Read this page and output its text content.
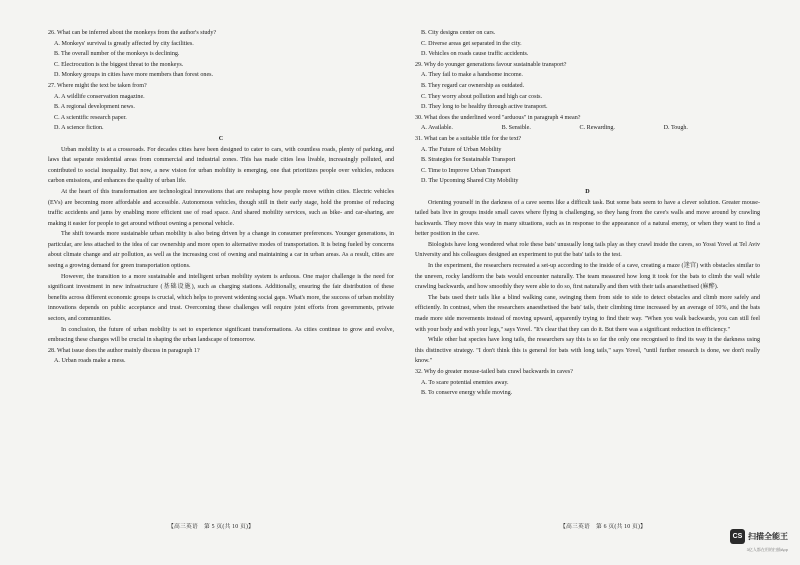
26. What can be inferred about the monkeys from the author's study?

A. Monkeys' survival is greatly affected by city facilities.

B. The overall number of the monkeys is declining.

C. Electrocution is the biggest threat to the monkeys.

D. Monkey groups in cities have more members than forest ones.

27. Where might the text be taken from?

A. A wildlife conservation magazine.

B. A regional development news.

C. A scientific research paper.

D. A science fiction.

C

Urban mobility is at a crossroads. For decades cities have been designed to cater to cars, with countless roads, plenty of parking, and laws that separate residential areas from commercial and industrial zones. This has made cities less livable, increasingly polluted, and contributed to social inequality. But now, a new vision for urban mobility is emerging, one that prioritizes people over vehicles, reduces carbon emissions, and enhances the quality of urban life.

At the heart of this transformation are technological innovations that are reshaping how people move within cities. Electric vehicles (EVs) are becoming more affordable and accessible. Autonomous vehicles, though still in their early stage, hold the promise of reducing traffic accidents and jams by enabling more efficient use of road space. And shared mobility services, such as bike- and car-sharing, are making it easier for people to get around without owning a personal vehicle.

The shift towards more sustainable urban mobility is also being driven by a change in consumer preferences. Younger generations, in particular, are less attached to the idea of car ownership and more open to alternative modes of transportation. It is being fueled by concerns about climate change and air pollution, as well as the increasing cost of owning and maintaining a car in urban areas. As a result, cities are seeing a growing demand for green transportation options.

However, the transition to a more sustainable and intelligent urban mobility system is arduous. One major challenge is the need for significant investment in new infrastructure (基础设施), such as charging stations. Additionally, ensuring the fair distribution of these benefits across different economic groups is crucial, which helps to prevent widening social gaps. What's more, the success of urban mobility innovations depends on public acceptance and trust. Overcoming these challenges will require joint efforts from governments, private sectors, and communities.

In conclusion, the future of urban mobility is set to experience significant transformations. As cities continue to grow and evolve, embracing these changes will be crucial in shaping the urban landscape of tomorrow.

28. What issue does the author mainly discuss in paragraph 1?

A. Urban roads make a mess.

B. City designs center on cars.

C. Diverse areas get separated in the city.

D. Vehicles on roads cause traffic accidents.

29. Why do younger generations favour sustainable transport?

A. They fail to make a handsome income.

B. They regard car ownership as outdated.

C. They worry about pollution and high car costs.

D. They long to be healthy through active transport.

30. What does the underlined word "arduous" in paragraph 4 mean?

A. Available.	B. Sensible.	C. Rewarding.	D. Tough.

31. What can be a suitable title for the text?

A. The Future of Urban Mobility

B. Strategies for Sustainable Transport

C. Time to Improve Urban Transport

D. The Upcoming Shared City Mobility

D

Orienting yourself in the darkness of a cave seems like a difficult task. But some bats seem to have a clever solution. Greater mouse-tailed bats live in groups inside small caves where flying is challenging, so they hang from the cave's walls and move around by crawling backwards. They move this way in many situations, such as in response to the appearance of a natural enemy, or when they want to find a better position in the cave.

Biologists have long wondered what role these bats' unusually long tails play as they crawl inside the caves, so Yossi Yovel at Tel Aviv University and his colleagues designed an experiment to put the bats' tails to the test.

In the experiment, the researchers recreated a set-up according to the inside of a cave, creating a maze (迷宫) with obstacles similar to the uneven, rocky landform the bats would encounter naturally. The team measured how long it took for the bats to climb the wall while crawling backwards, and how smoothly they were able to do so, first naturally and then with their tails anaesthetised (麻醉).

The bats used their tails like a blind walking cane, swinging them from side to side to detect obstacles and climb more safely and efficiently. In contrast, when the researchers anaesthetised the bats' tails, their climbing time increased by an average of 10%, and the bats made more side movements instead of moving upward, apparently trying to find their way. "When you walk backwards, you can still feel with your body and with your legs," says Yovel. "It's clear that they can do it. But there was a significant reduction in efficiency."

While other bat species have long tails, the researchers say this is so far the only one recognised to find its way in the darkness using this distinctive strategy. "I don't think this is general for bats with long tails," says Yovel, "until further research is done, we don't really know."

32. Why do greater mouse-tailed bats crawl backwards in caves?

A. To scare potential enemies away.

B. To conserve energy while moving.

【高三英语　第 5 页(共 10 页)】	【高三英语　第 6 页(共 10 页)】
CS 扫描全能王
3亿人都在用的扫描App
